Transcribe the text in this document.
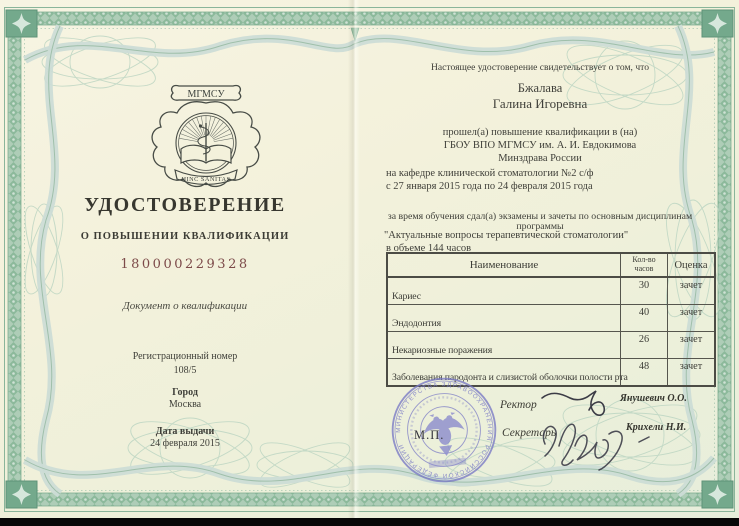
МГМСУ
HINC SANITAS
УДОСТОВЕРЕНИЕ
О ПОВЫШЕНИИ КВАЛИФИКАЦИИ
180000229328
Документ о квалификации
Регистрационный номер
108/5
Город
Москва
Дата выдачи
24 февраля 2015
Настоящее удостоверение свидетельствует о том, что
Бжалава
Галина Игоревна
прошел(а) повышение квалификации в (на)
ГБОУ ВПО МГМСУ им. А. И. Евдокимова
Минздрава России
на кафедре клинической стоматологии №2 с/ф
с 27 января 2015 года по 24 февраля 2015 года
за время обучения сдал(а) экзамены и зачеты по основным дисциплинам
программы
"Актуальные вопросы терапевтической стоматологии"
в объеме 144 часов
Наименование	Кол-во часов	Оценка
Кариес	30	зачет
Эндодонтия	40	зачет
Некариозные поражения	26	зачет
Заболевания пародонта и слизистой оболочки полости рта	48	зачет
МИНИСТЕРСТВА ЗДРАВООХРАНЕНИЯ РОССИЙСКОЙ ФЕДЕРАЦИИ
М.П.
Ректор
Секретарь
Янушевич О.О.
Крихели Н.И.
